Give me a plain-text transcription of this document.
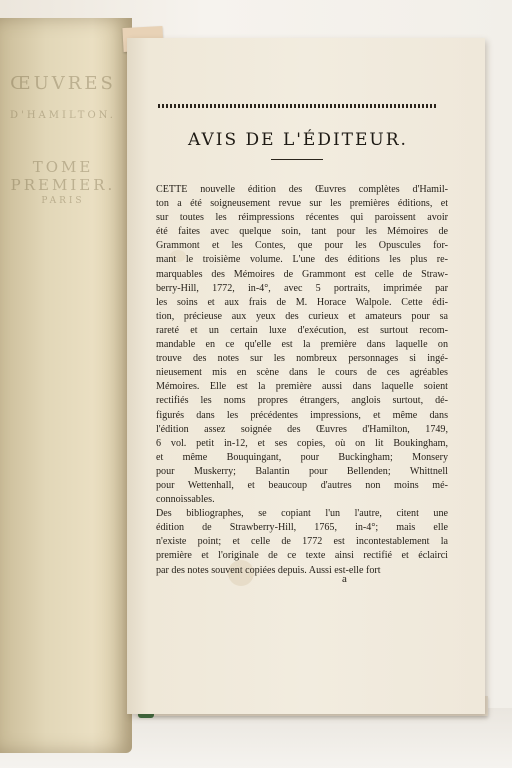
ŒUVRES
D'HAMILTON.
TOME PREMIER.
PARIS
AVIS DE L'ÉDITEUR.

CETTE nouvelle édition des Œuvres complètes d'Hamil-

ton a été soigneusement revue sur les premières éditions, et

sur toutes les réimpressions récentes qui paroissent avoir

été faites avec quelque soin, tant pour les Mémoires de

Grammont et les Contes, que pour les Opuscules for-

mant le troisième volume. L'une des éditions les plus re-

marquables des Mémoires de Grammont est celle de Straw-

berry-Hill, 1772, in-4°, avec 5 portraits, imprimée par

les soins et aux frais de M. Horace Walpole. Cette édi-

tion, précieuse aux yeux des curieux et amateurs pour sa

rareté et un certain luxe d'exécution, est surtout recom-

mandable en ce qu'elle est la première dans laquelle on

trouve des notes sur les nombreux personnages si ingé-

nieusement mis en scène dans le cours de ces agréables

Mémoires. Elle est la première aussi dans laquelle soient

rectifiés les noms propres étrangers, anglois surtout, dé-

figurés dans les précédentes impressions, et même dans

l'édition assez soignée des Œuvres d'Hamilton, 1749,

6 vol. petit in-12, et ses copies, où on lit Boukingham,

et même Bouquingant, pour Buckingham; Monsery

pour Muskerry; Balantin pour Bellenden; Whittnell

pour Wettenhall, et beaucoup d'autres non moins mé-

connoissables.

Des bibliographes, se copiant l'un l'autre, citent une

édition de Strawberry-Hill, 1765, in-4°; mais elle

n'existe point; et celle de 1772 est incontestablement la

première et l'originale de ce texte ainsi rectifié et éclairci

par des notes souvent copiées depuis. Aussi est-elle fort

a
